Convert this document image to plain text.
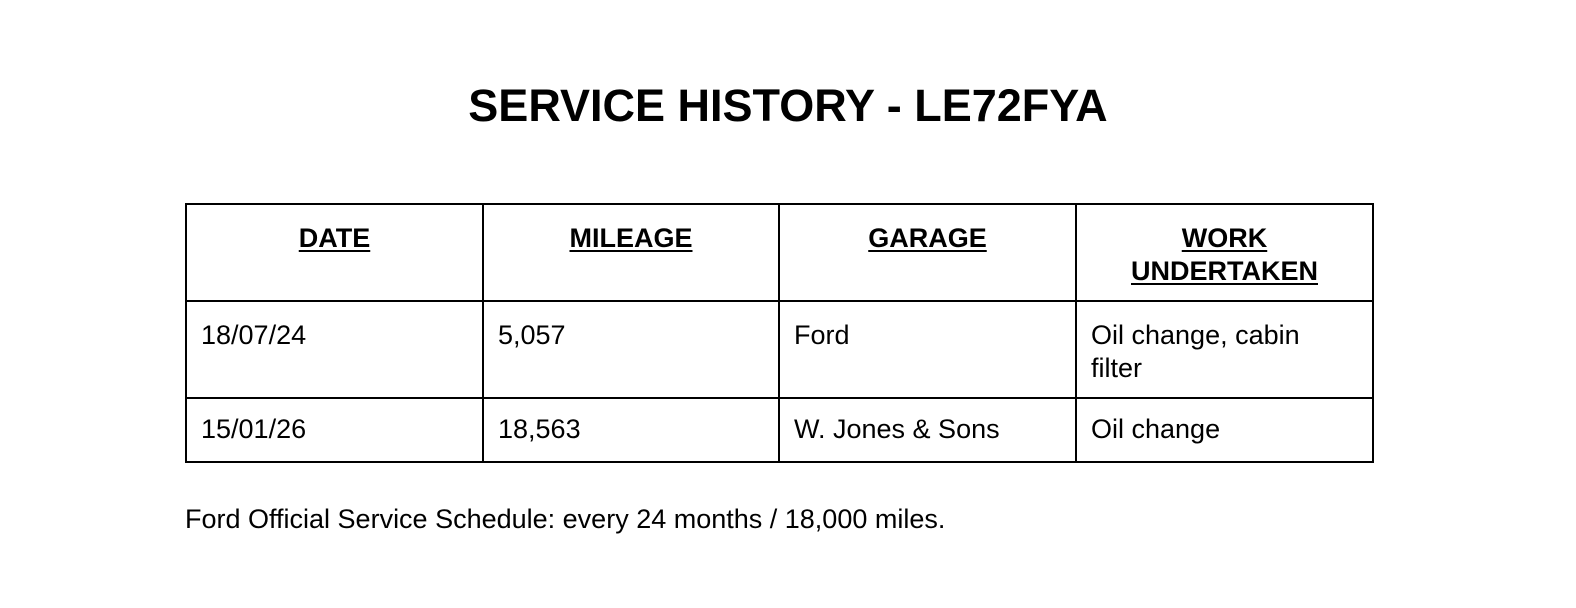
SERVICE HISTORY - LE72FYA
DATE	MILEAGE	GARAGE	WORK UNDERTAKEN
18/07/24	5,057	Ford	Oil change, cabin filter
15/01/26	18,563	W. Jones & Sons	Oil change

Ford Official Service Schedule: every 24 months / 18,000 miles.
